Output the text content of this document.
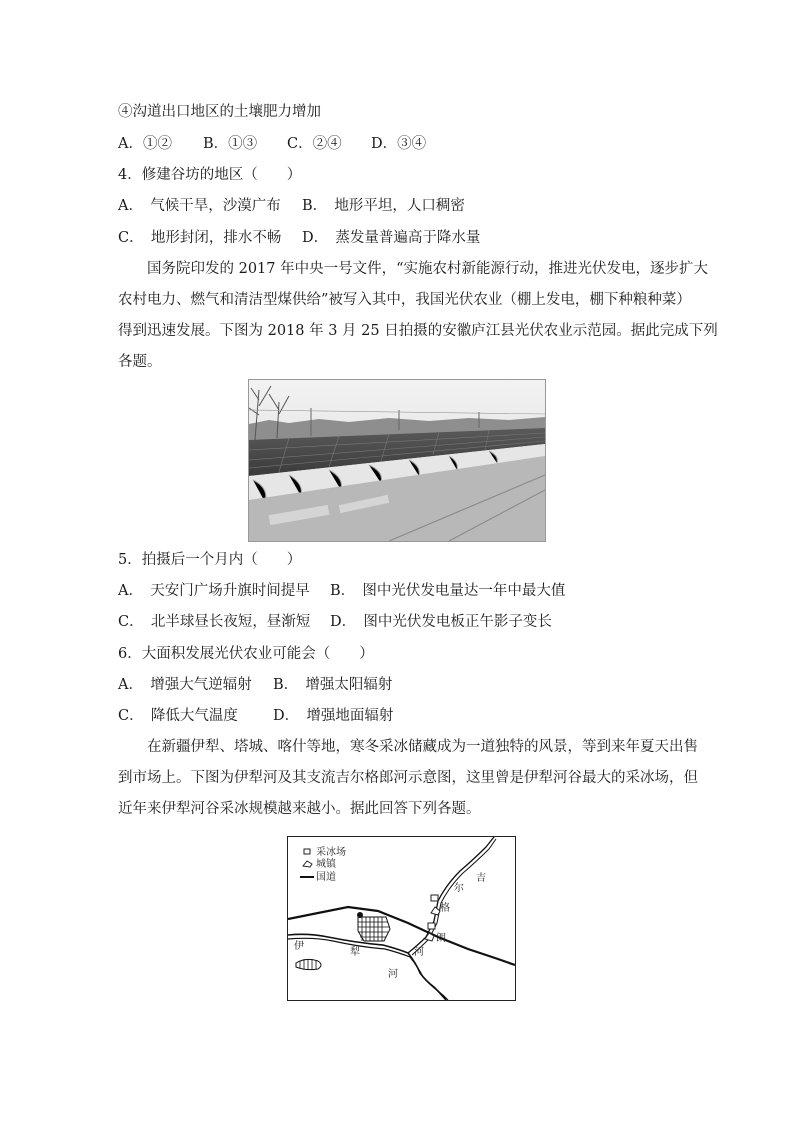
④沟道出口地区的土壤肥力增加
A．①② B．①③ C．②④ D．③④
4．修建谷坊的地区（　　）
A．　气候干旱，沙漠广布 B．　地形平坦，人口稠密
C．　地形封闭，排水不畅 D．　蒸发量普遍高于降水量
国务院印发的 2017 年中央一号文件，“实施农村新能源行动，推进光伏发电，逐步扩大
农村电力、燃气和清洁型煤供给”被写入其中，我国光伏农业（棚上发电，棚下种粮种菜）
得到迅速发展。下图为 2018 年 3 月 25 日拍摄的安徽庐江县光伏农业示范园。据此完成下列
各题。
5．拍摄后一个月内（　　）
A．　天安门广场升旗时间提早 B．　图中光伏发电量达一年中最大值
C．　北半球昼长夜短，昼渐短 D．　图中光伏发电板正午影子变长
6．大面积发展光伏农业可能会（　　）
A．　增强大气逆辐射 B．　增强太阳辐射
C．　降低大气温度 D．　增强地面辐射
在新疆伊犁、塔城、喀什等地，寒冬采冰储藏成为一道独特的风景，等到来年夏天出售
到市场上。下图为伊犁河及其支流吉尔格郎河示意图，这里曾是伊犁河谷最大的采冰场，但
近年来伊犁河谷采冰规模越来越小。据此回答下列各题。
采冰场
城镇
国道
伊
犁
河
吉
尔
格
朗
河
